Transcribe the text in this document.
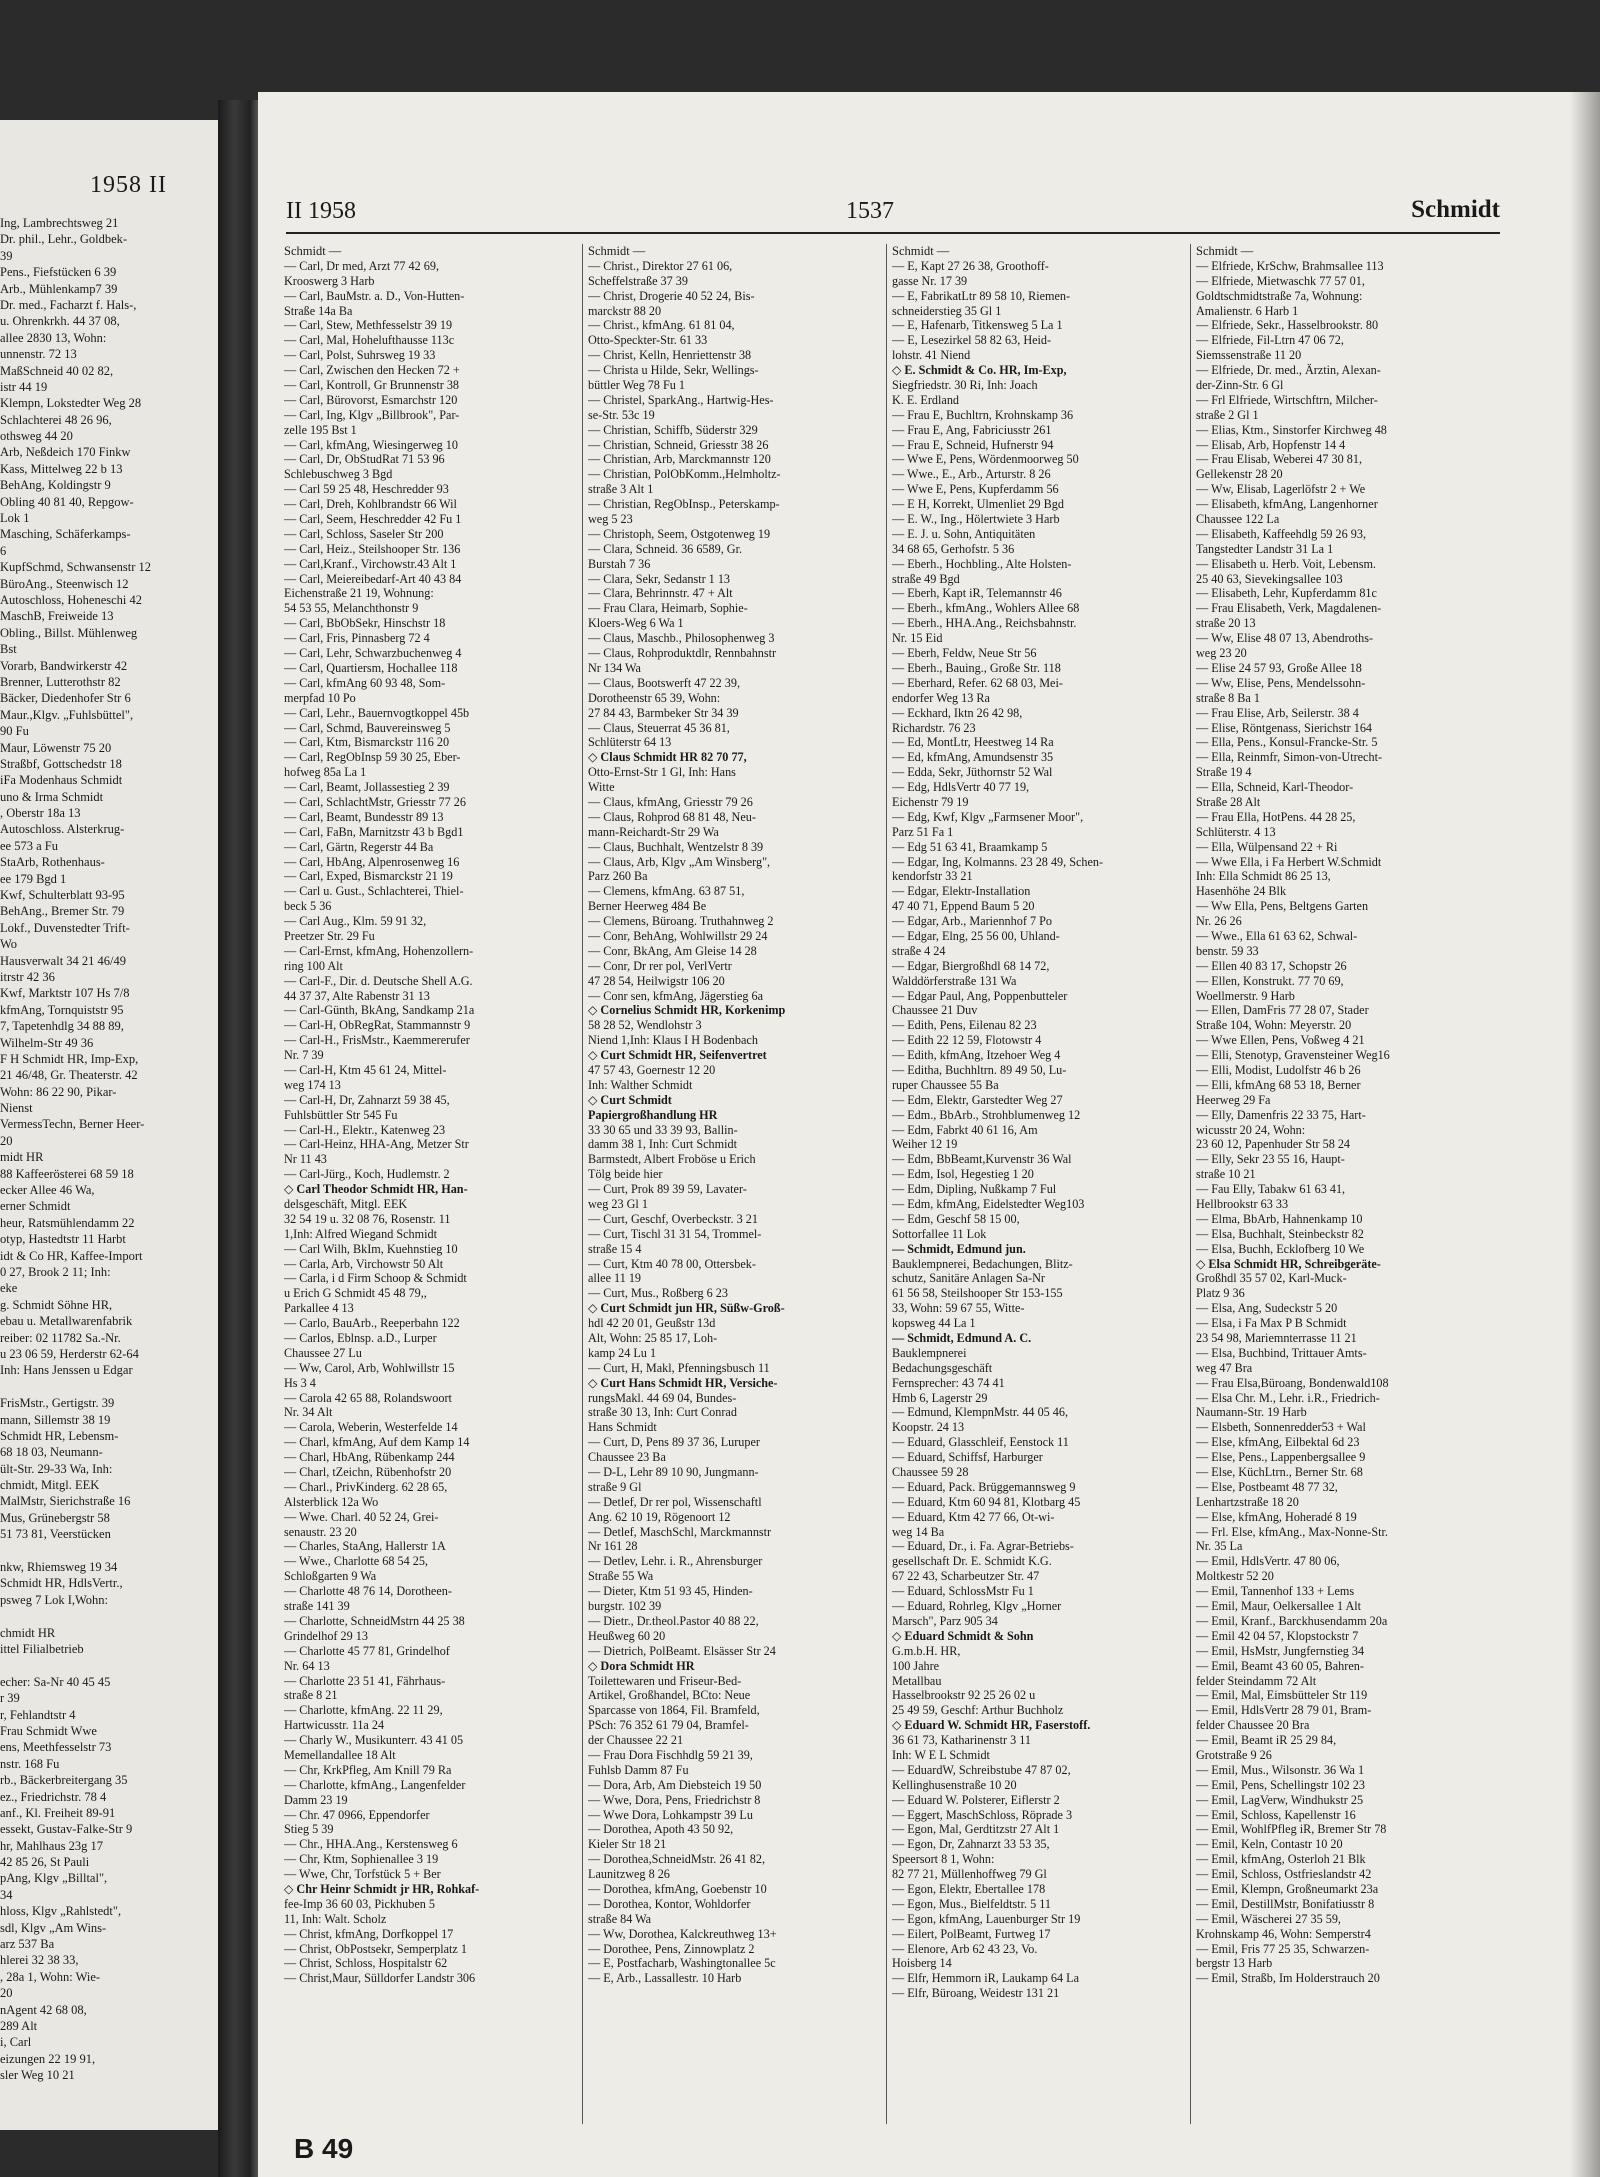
1958 II
Ing, Lambrechtsweg 21
Dr. phil., Lehr., Goldbek-
39
Pens., Fiefstücken 6 39
Arb., Mühlenkamp7 39
Dr. med., Facharzt f. Hals-,
u. Ohrenkrkh. 44 37 08,
allee 2830 13, Wohn:
unnenstr. 72 13
MaßSchneid 40 02 82,
istr 44 19
Klempn, Lokstedter Weg 28
Schlachterei 48 26 96,
othsweg 44 20
Arb, Neßdeich 170 Finkw
Kass, Mittelweg 22 b 13
BehAng, Koldingstr 9
Obling 40 81 40, Repgow-
Lok 1
Masching, Schäferkamps-
6
KupfSchmd, Schwansenstr 12
BüroAng., Steenwisch 12
Autoschloss, Hoheneschi 42
MaschB, Freiweide 13
Obling., Billst. Mühlenweg
Bst
Vorarb, Bandwirkerstr 42
Brenner, Lutterothstr 82
Bäcker, Diedenhofer Str 6
Maur.,Klgv. „Fuhlsbüttel",
90 Fu
Maur, Löwenstr 75 20
Straßbf, Gottschedstr 18
iFa Modenhaus Schmidt
uno & Irma Schmidt
, Oberstr 18a 13
Autoschloss. Alsterkrug-
ee 573 a Fu
StaArb, Rothenhaus-
ee 179 Bgd 1
Kwf, Schulterblatt 93-95
BehAng., Bremer Str. 79
Lokf., Duvenstedter Trift-
Wo
Hausverwalt 34 21 46/49
itrstr 42 36
Kwf, Marktstr 107 Hs 7/8
kfmAng, Tornquiststr 95
7, Tapetenhdlg 34 88 89,
Wilhelm-Str 49 36
F H Schmidt HR, Imp-Exp,
21 46/48, Gr. Theaterstr. 42
Wohn: 86 22 90, Pikar-
Nienst
VermessTechn, Berner Heer-
20
midt HR
88 Kaffeerösterei 68 59 18
ecker Allee 46 Wa,
erner Schmidt
heur, Ratsmühlendamm 22
otyp, Hastedtstr 11 Harbt
idt & Co HR, Kaffee-Import
0 27, Brook 2 11; Inh:
eke
g. Schmidt Söhne HR,
ebau u. Metallwarenfabrik
reiber: 02 11782 Sa.-Nr.
u 23 06 59, Herderstr 62-64
Inh: Hans Jenssen u Edgar
FrisMstr., Gertigstr. 39
mann, Sillemstr 38 19
Schmidt HR, Lebensm-
68 18 03, Neumann-
ült-Str. 29-33 Wa, Inh:
chmidt, Mitgl. EEK
MalMstr, Sierichstraße 16
Mus, Grünebergstr 58
51 73 81, Veerstücken
nkw, Rhiemsweg 19 34
Schmidt HR, HdlsVertr.,
psweg 7 Lok I,Wohn:
chmidt HR
ittel Filialbetrieb
echer: Sa-Nr 40 45 45
r 39
r, Fehlandtstr 4
Frau Schmidt Wwe
ens, Meethfesselstr 73
nstr. 168 Fu
rb., Bäckerbreitergang 35
ez., Friedrichstr. 78 4
anf., Kl. Freiheit 89-91
essekt, Gustav-Falke-Str 9
hr, Mahlhaus 23g 17
42 85 26, St Pauli
pAng, Klgv „Billtal",
34
hloss, Klgv „Rahlstedt",
sdl, Klgv „Am Wins-
arz 537 Ba
hlerei 32 38 33,
, 28a 1, Wohn: Wie-
20
nAgent 42 68 08,
289 Alt
i, Carl
eizungen 22 19 91,
sler Weg 10 21
II 1958	1537	Schmidt
Schmidt —
— Carl, Dr med, Arzt 77 42 69,
Krooswerg 3 Harb
— Carl, BauMstr. a. D., Von-Hutten-
Straße 14a Ba
— Carl, Stew, Methfesselstr 39 19
— Carl, Mal, Hohelufthausse 113c
— Carl, Polst, Suhrsweg 19 33
— Carl, Zwischen den Hecken 72 +
— Carl, Kontroll, Gr Brunnenstr 38
— Carl, Bürovorst, Esmarchstr 120
— Carl, Ing, Klgv „Billbrook", Par-
zelle 195 Bst 1
— Carl, kfmAng, Wiesingerweg 10
— Carl, Dr, ObStudRat 71 53 96
Schlebuschweg 3 Bgd
— Carl 59 25 48, Heschredder 93
— Carl, Dreh, Kohlbrandstr 66 Wil
— Carl, Seem, Heschredder 42 Fu 1
— Carl, Schloss, Saseler Str 200
— Carl, Heiz., Steilshooper Str. 136
— Carl,Kranf., Virchowstr.43 Alt 1
— Carl, Meiereibedarf-Art 40 43 84
Eichenstraße 21 19, Wohnung:
54 53 55, Melanchthonstr 9
— Carl, BbObSekr, Hinschstr 18
— Carl, Fris, Pinnasberg 72 4
— Carl, Lehr, Schwarzbuchenweg 4
— Carl, Quartiersm, Hochallee 118
— Carl, kfmAng 60 93 48, Som-
merpfad 10 Po
— Carl, Lehr., Bauernvogtkoppel 45b
— Carl, Schmd, Bauvereinsweg 5
— Carl, Ktm, Bismarckstr 116 20
— Carl, RegObInsp 59 30 25, Eber-
hofweg 85a La 1
— Carl, Beamt, Jollassestieg 2 39
— Carl, SchlachtMstr, Griesstr 77 26
— Carl, Beamt, Bundesstr 89 13
— Carl, FaBn, Marnitzstr 43 b Bgd1
— Carl, Gärtn, Regerstr 44 Ba
— Carl, HbAng, Alpenrosenweg 16
— Carl, Exped, Bismarckstr 21 19
— Carl u. Gust., Schlachterei, Thiel-
beck 5 36
— Carl Aug., Klm. 59 91 32,
Preetzer Str. 29 Fu
— Carl-Ernst, kfmAng, Hohenzollern-
ring 100 Alt
— Carl-F., Dir. d. Deutsche Shell A.G.
44 37 37, Alte Rabenstr 31 13
— Carl-Günth, BkAng, Sandkamp 21a
— Carl-H, ObRegRat, Stammannstr 9
— Carl-H., FrisMstr., Kaemmererufer
Nr. 7 39
— Carl-H, Ktm 45 61 24, Mittel-
weg 174 13
— Carl-H, Dr, Zahnarzt 59 38 45,
Fuhlsbüttler Str 545 Fu
— Carl-H., Elektr., Katenweg 23
— Carl-Heinz, HHA-Ang, Metzer Str
Nr 11 43
— Carl-Jürg., Koch, Hudlemstr. 2
◇ Carl Theodor Schmidt HR, Han-
delsgeschäft, Mitgl. EEK
32 54 19 u. 32 08 76, Rosenstr. 11
1,Inh: Alfred Wiegand Schmidt
— Carl Wilh, BkIm, Kuehnstieg 10
— Carla, Arb, Virchowstr 50 Alt
— Carla, i d Firm Schoop & Schmidt
u Erich G Schmidt 45 48 79,,
Parkallee 4 13
— Carlo, BauArb., Reeperbahn 122
— Carlos, Eblnsp. a.D., Lurper
Chaussee 27 Lu
— Ww, Carol, Arb, Wohlwillstr 15
Hs 3 4
— Carola 42 65 88, Rolandswoort
Nr. 34 Alt
— Carola, Weberin, Westerfelde 14
— Charl, kfmAng, Auf dem Kamp 14
— Charl, HbAng, Rübenkamp 244
— Charl, tZeichn, Rübenhofstr 20
— Charl., PrivKinderg. 62 28 65,
Alsterblick 12a Wo
— Wwe. Charl. 40 52 24, Grei-
senaustr. 23 20
— Charles, StaAng, Hallerstr 1A
— Wwe., Charlotte 68 54 25,
Schloßgarten 9 Wa
— Charlotte 48 76 14, Dorotheen-
straße 141 39
— Charlotte, SchneidMstrn 44 25 38
Grindelhof 29 13
— Charlotte 45 77 81, Grindelhof
Nr. 64 13
— Charlotte 23 51 41, Fährhaus-
straße 8 21
— Charlotte, kfmAng. 22 11 29,
Hartwicusstr. 11a 24
— Charly W., Musikunterr. 43 41 05
Memellandallee 18 Alt
— Chr, KrkPfleg, Am Knill 79 Ra
— Charlotte, kfmAng., Langenfelder
Damm 23 19
— Chr. 47 0966, Eppendorfer
Stieg 5 39
— Chr., HHA.Ang., Kerstensweg 6
— Chr, Ktm, Sophienallee 3 19
— Wwe, Chr, Torfstück 5 + Ber
◇ Chr Heinr Schmidt jr HR, Rohkaf-
fee-Imp 36 60 03, Pickhuben 5
11, Inh: Walt. Scholz
— Christ, kfmAng, Dorfkoppel 17
— Christ, ObPostsekr, Semperplatz 1
— Christ, Schloss, Hospitalstr 62
— Christ,Maur, Sülldorfer Landstr 306
Schmidt —
— Christ., Direktor 27 61 06,
Scheffelstraße 37 39
— Christ, Drogerie 40 52 24, Bis-
marckstr 88 20
— Christ., kfmAng. 61 81 04,
Otto-Speckter-Str. 61 33
— Christ, Kelln, Henriettenstr 38
— Christa u Hilde, Sekr, Wellings-
büttler Weg 78 Fu 1
— Christel, SparkAng., Hartwig-Hes-
se-Str. 53c 19
— Christian, Schiffb, Süderstr 329
— Christian, Schneid, Griesstr 38 26
— Christian, Arb, Marckmannstr 120
— Christian, PolObKomm.,Helmholtz-
straße 3 Alt 1
— Christian, RegObInsp., Peterskamp-
weg 5 23
— Christoph, Seem, Ostgotenweg 19
— Clara, Schneid. 36 6589, Gr.
Burstah 7 36
— Clara, Sekr, Sedanstr 1 13
— Clara, Behrinnstr. 47 + Alt
— Frau Clara, Heimarb, Sophie-
Kloers-Weg 6 Wa 1
— Claus, Maschb., Philosophenweg 3
— Claus, Rohproduktdlr, Rennbahnstr
Nr 134 Wa
— Claus, Bootswerft 47 22 39,
Dorotheenstr 65 39, Wohn:
27 84 43, Barmbeker Str 34 39
— Claus, Steuerrat 45 36 81,
Schlüterstr 64 13
◇ Claus Schmidt HR 82 70 77,
Otto-Ernst-Str 1 Gl, Inh: Hans
Witte
— Claus, kfmAng, Griesstr 79 26
— Claus, Rohprod 68 81 48, Neu-
mann-Reichardt-Str 29 Wa
— Claus, Buchhalt, Wentzelstr 8 39
— Claus, Arb, Klgv „Am Winsberg",
Parz 260 Ba
— Clemens, kfmAng. 63 87 51,
Berner Heerweg 484 Be
— Clemens, Büroang. Truthahnweg 2
— Conr, BehAng, Wohlwillstr 29 24
— Conr, BkAng, Am Gleise 14 28
— Conr, Dr rer pol, VerlVertr
47 28 54, Heilwigstr 106 20
— Conr sen, kfmAng, Jägerstieg 6a
◇ Cornelius Schmidt HR, Korkenimp
58 28 52, Wendlohstr 3
Niend 1,Inh: Klaus I H Bodenbach
◇ Curt Schmidt HR, Seifenvertret
47 57 43, Goernestr 12 20
Inh: Walther Schmidt
◇ Curt Schmidt
Papiergroßhandlung HR
33 30 65 und 33 39 93, Ballin-
damm 38 1, Inh: Curt Schmidt
Barmstedt, Albert Froböse u Erich
Tölg beide hier
— Curt, Prok 89 39 59, Lavater-
weg 23 Gl 1
— Curt, Geschf, Overbeckstr. 3 21
— Curt, Tischl 31 31 54, Trommel-
straße 15 4
— Curt, Ktm 40 78 00, Ottersbek-
allee 11 19
— Curt, Mus., Roßberg 6 23
◇ Curt Schmidt jun HR, Süßw-Groß-
hdl 42 20 01, Geußstr 13d
Alt, Wohn: 25 85 17, Loh-
kamp 24 Lu 1
— Curt, H, Makl, Pfenningsbusch 11
◇ Curt Hans Schmidt HR, Versiche-
rungsMakl. 44 69 04, Bundes-
straße 30 13, Inh: Curt Conrad
Hans Schmidt
— Curt, D, Pens 89 37 36, Luruper
Chaussee 23 Ba
— D-L, Lehr 89 10 90, Jungmann-
straße 9 Gl
— Detlef, Dr rer pol, Wissenschaftl
Ang. 62 10 19, Rögenoort 12
— Detlef, MaschSchl, Marckmannstr
Nr 161 28
— Detlev, Lehr. i. R., Ahrensburger
Straße 55 Wa
— Dieter, Ktm 51 93 45, Hinden-
burgstr. 102 39
— Dietr., Dr.theol.Pastor 40 88 22,
Heußweg 60 20
— Dietrich, PolBeamt. Elsässer Str 24
◇ Dora Schmidt HR
Toilettewaren und Friseur-Bed-
Artikel, Großhandel, BCto: Neue
Sparcasse von 1864, Fil. Bramfeld,
PSch: 76 352 61 79 04, Bramfel-
der Chaussee 22 21
— Frau Dora Fischhdlg 59 21 39,
Fuhlsb Damm 87 Fu
— Dora, Arb, Am Diebsteich 19 50
— Wwe, Dora, Pens, Friedrichstr 8
— Wwe Dora, Lohkampstr 39 Lu
— Dorothea, Apoth 43 50 92,
Kieler Str 18 21
— Dorothea,SchneidMstr. 26 41 82,
Launitzweg 8 26
— Dorothea, kfmAng, Goebenstr 10
— Dorothea, Kontor, Wohldorfer
straße 84 Wa
— Ww, Dorothea, Kalckreuthweg 13+
— Dorothee, Pens, Zinnowplatz 2
— E, Postfacharb, Washingtonallee 5c
— E, Arb., Lassallestr. 10 Harb
Schmidt —
— E, Kapt 27 26 38, Groothoff-
gasse Nr. 17 39
— E, FabrikatLtr 89 58 10, Riemen-
schneiderstieg 35 Gl 1
— E, Hafenarb, Titkensweg 5 La 1
— E, Lesezirkel 58 82 63, Heid-
lohstr. 41 Niend
◇ E. Schmidt & Co. HR, Im-Exp,
Siegfriedstr. 30 Ri, Inh: Joach
K. E. Erdland
— Frau E, Buchltrn, Krohnskamp 36
— Frau E, Ang, Fabriciusstr 261
— Frau E, Schneid, Hufnerstr 94
— Wwe E, Pens, Wördenmoorweg 50
— Wwe., E., Arb., Arturstr. 8 26
— Wwe E, Pens, Kupferdamm 56
— E H, Korrekt, Ulmenliet 29 Bgd
— E. W., Ing., Hölertwiete 3 Harb
— E. J. u. Sohn, Antiquitäten
34 68 65, Gerhofstr. 5 36
— Eberh., Hochbling., Alte Holsten-
straße 49 Bgd
— Eberh, Kapt iR, Telemannstr 46
— Eberh., kfmAng., Wohlers Allee 68
— Eberh., HHA.Ang., Reichsbahnstr.
Nr. 15 Eid
— Eberh, Feldw, Neue Str 56
— Eberh., Bauing., Große Str. 118
— Eberhard, Refer. 62 68 03, Mei-
endorfer Weg 13 Ra
— Eckhard, Iktn 26 42 98,
Richardstr. 76 23
— Ed, MontLtr, Heestweg 14 Ra
— Ed, kfmAng, Amundsenstr 35
— Edda, Sekr, Jüthornstr 52 Wal
— Edg, HdlsVertr 40 77 19,
Eichenstr 79 19
— Edg, Kwf, Klgv „Farmsener Moor",
Parz 51 Fa 1
— Edg 51 63 41, Braamkamp 5
— Edgar, Ing, Kolmanns. 23 28 49, Schen-
kendorfstr 33 21
— Edgar, Elektr-Installation
47 40 71, Eppend Baum 5 20
— Edgar, Arb., Mariennhof 7 Po
— Edgar, Elng, 25 56 00, Uhland-
straße 4 24
— Edgar, Biergroßhdl 68 14 72,
Walddörferstraße 131 Wa
— Edgar Paul, Ang, Poppenbutteler
Chaussee 21 Duv
— Edith, Pens, Eilenau 82 23
— Edith 22 12 59, Flotowstr 4
— Edith, kfmAng, Itzehoer Weg 4
— Editha, Buchhltrn. 89 49 50, Lu-
ruper Chaussee 55 Ba
— Edm, Elektr, Garstedter Weg 27
— Edm., BbArb., Strohblumenweg 12
— Edm, Fabrkt 40 61 16, Am
Weiher 12 19
— Edm, BbBeamt,Kurvenstr 36 Wal
— Edm, Isol, Hegestieg 1 20
— Edm, Dipling, Nußkamp 7 Ful
— Edm, kfmAng, Eidelstedter Weg103
— Edm, Geschf 58 15 00,
Sottorfallee 11 Lok
— Schmidt, Edmund jun.
Bauklempnerei, Bedachungen, Blitz-
schutz, Sanitäre Anlagen Sa-Nr
61 56 58, Steilshooper Str 153-155
33, Wohn: 59 67 55, Witte-
kopsweg 44 La 1
— Schmidt, Edmund A. C.
Bauklempnerei
Bedachungsgeschäft
Fernsprecher: 43 74 41
Hmb 6, Lagerstr 29
— Edmund, KlempnMstr. 44 05 46,
Koopstr. 24 13
— Eduard, Glasschleif, Eenstock 11
— Eduard, Schiffsf, Harburger
Chaussee 59 28
— Eduard, Pack. Brüggemannsweg 9
— Eduard, Ktm 60 94 81, Klotbarg 45
— Eduard, Ktm 42 77 66, Ot-wi-
weg 14 Ba
— Eduard, Dr., i. Fa. Agrar-Betriebs-
gesellschaft Dr. E. Schmidt K.G.
67 22 43, Scharbeutzer Str. 47
— Eduard, SchlossMstr Fu 1
— Eduard, Rohrleg, Klgv „Horner
Marsch", Parz 905 34
◇ Eduard Schmidt & Sohn
G.m.b.H. HR,
100 Jahre
Metallbau
Hasselbrookstr 92 25 26 02 u
25 49 59, Geschf: Arthur Buchholz
◇ Eduard W. Schmidt HR, Faserstoff.
36 61 73, Katharinenstr 3 11
Inh: W E L Schmidt
— EduardW, Schreibstube 47 87 02,
Kellinghusenstraße 10 20
— Eduard W. Polsterer, Eiflerstr 2
— Eggert, MaschSchloss, Röprade 3
— Egon, Mal, Gerdtitzstr 27 Alt 1
— Egon, Dr, Zahnarzt 33 53 35,
Speersort 8 1, Wohn:
82 77 21, Müllenhoffweg 79 Gl
— Egon, Elektr, Ebertallee 178
— Egon, Mus., Bielfeldtstr. 5 11
— Egon, kfmAng, Lauenburger Str 19
— Eilert, PolBeamt, Furtweg 17
— Elenore, Arb 62 43 23, Vo.
Hoisberg 14
— Elfr, Hemmorn iR, Laukamp 64 La
— Elfr, Büroang, Weidestr 131 21
Schmidt —
— Elfriede, KrSchw, Brahmsallee 113
— Elfriede, Mietwaschk 77 57 01,
Goldtschmidtstraße 7a, Wohnung:
Amalienstr. 6 Harb 1
— Elfriede, Sekr., Hasselbrookstr. 80
— Elfriede, Fil-Ltrn 47 06 72,
Siemssenstraße 11 20
— Elfriede, Dr. med., Ärztin, Alexan-
der-Zinn-Str. 6 Gl
— Frl Elfriede, Wirtschftrn, Milcher-
straße 2 Gl 1
— Elias, Ktm., Sinstorfer Kirchweg 48
— Elisab, Arb, Hopfenstr 14 4
— Frau Elisab, Weberei 47 30 81,
Gellekenstr 28 20
— Ww, Elisab, Lagerlöfstr 2 + We
— Elisabeth, kfmAng, Langenhorner
Chaussee 122 La
— Elisabeth, Kaffeehdlg 59 26 93,
Tangstedter Landstr 31 La 1
— Elisabeth u. Herb. Voit, Lebensm.
25 40 63, Sievekingsallee 103
— Elisabeth, Lehr, Kupferdamm 81c
— Frau Elisabeth, Verk, Magdalenen-
straße 20 13
— Ww, Elise 48 07 13, Abendroths-
weg 23 20
— Elise 24 57 93, Große Allee 18
— Ww, Elise, Pens, Mendelssohn-
straße 8 Ba 1
— Frau Elise, Arb, Seilerstr. 38 4
— Elise, Röntgenass, Sierichstr 164
— Ella, Pens., Konsul-Francke-Str. 5
— Ella, Reinmfr, Simon-von-Utrecht-
Straße 19 4
— Ella, Schneid, Karl-Theodor-
Straße 28 Alt
— Frau Ella, HotPens. 44 28 25,
Schlüterstr. 4 13
— Ella, Wülpensand 22 + Ri
— Wwe Ella, i Fa Herbert W.Schmidt
Inh: Ella Schmidt 86 25 13,
Hasenhöhe 24 Blk
— Ww Ella, Pens, Beltgens Garten
Nr. 26 26
— Wwe., Ella 61 63 62, Schwal-
benstr. 59 33
— Ellen 40 83 17, Schopstr 26
— Ellen, Konstrukt. 77 70 69,
Woellmerstr. 9 Harb
— Ellen, DamFris 77 28 07, Stader
Straße 104, Wohn: Meyerstr. 20
— Wwe Ellen, Pens, Voßweg 4 21
— Elli, Stenotyp, Gravensteiner Weg16
— Elli, Modist, Ludolfstr 46 b 26
— Elli, kfmAng 68 53 18, Berner
Heerweg 29 Fa
— Elly, Damenfris 22 33 75, Hart-
wicusstr 20 24, Wohn:
23 60 12, Papenhuder Str 58 24
— Elly, Sekr 23 55 16, Haupt-
straße 10 21
— Fau Elly, Tabakw 61 63 41,
Hellbrookstr 63 33
— Elma, BbArb, Hahnenkamp 10
— Elsa, Buchhalt, Steinbeckstr 82
— Elsa, Buchh, Ecklofberg 10 We
◇ Elsa Schmidt HR, Schreibgeräte-
Großhdl 35 57 02, Karl-Muck-
Platz 9 36
— Elsa, Ang, Sudeckstr 5 20
— Elsa, i Fa Max P B Schmidt
23 54 98, Mariemnterrasse 11 21
— Elsa, Buchbind, Trittauer Amts-
weg 47 Bra
— Frau Elsa,Büroang, Bondenwald108
— Elsa Chr. M., Lehr. i.R., Friedrich-
Naumann-Str. 19 Harb
— Elsbeth, Sonnenredder53 + Wal
— Else, kfmAng, Eilbektal 6d 23
— Else, Pens., Lappenbergsallee 9
— Else, KüchLtrn., Berner Str. 68
— Else, Postbeamt 48 77 32,
Lenhartzstraße 18 20
— Else, kfmAng, Hoheradé 8 19
— Frl. Else, kfmAng., Max-Nonne-Str.
Nr. 35 La
— Emil, HdlsVertr. 47 80 06,
Moltkestr 52 20
— Emil, Tannenhof 133 + Lems
— Emil, Maur, Oelkersallee 1 Alt
— Emil, Kranf., Barckhusendamm 20a
— Emil 42 04 57, Klopstockstr 7
— Emil, HsMstr, Jungfernstieg 34
— Emil, Beamt 43 60 05, Bahren-
felder Steindamm 72 Alt
— Emil, Mal, Eimsbütteler Str 119
— Emil, HdlsVertr 28 79 01, Bram-
felder Chaussee 20 Bra
— Emil, Beamt iR 25 29 84,
Grotstraße 9 26
— Emil, Mus., Wilsonstr. 36 Wa 1
— Emil, Pens, Schellingstr 102 23
— Emil, LagVerw, Windhukstr 25
— Emil, Schloss, Kapellenstr 16
— Emil, WohlfPfleg iR, Bremer Str 78
— Emil, Keln, Contastr 10 20
— Emil, kfmAng, Osterloh 21 Blk
— Emil, Schloss, Ostfrieslandstr 42
— Emil, Klempn, Großneumarkt 23a
— Emil, DestillMstr, Bonifatiusstr 8
— Emil, Wäscherei 27 35 59,
Krohnskamp 46, Wohn: Semperstr4
— Emil, Fris 77 25 35, Schwarzen-
bergstr 13 Harb
— Emil, Straßb, Im Holderstrauch 20
B 49
